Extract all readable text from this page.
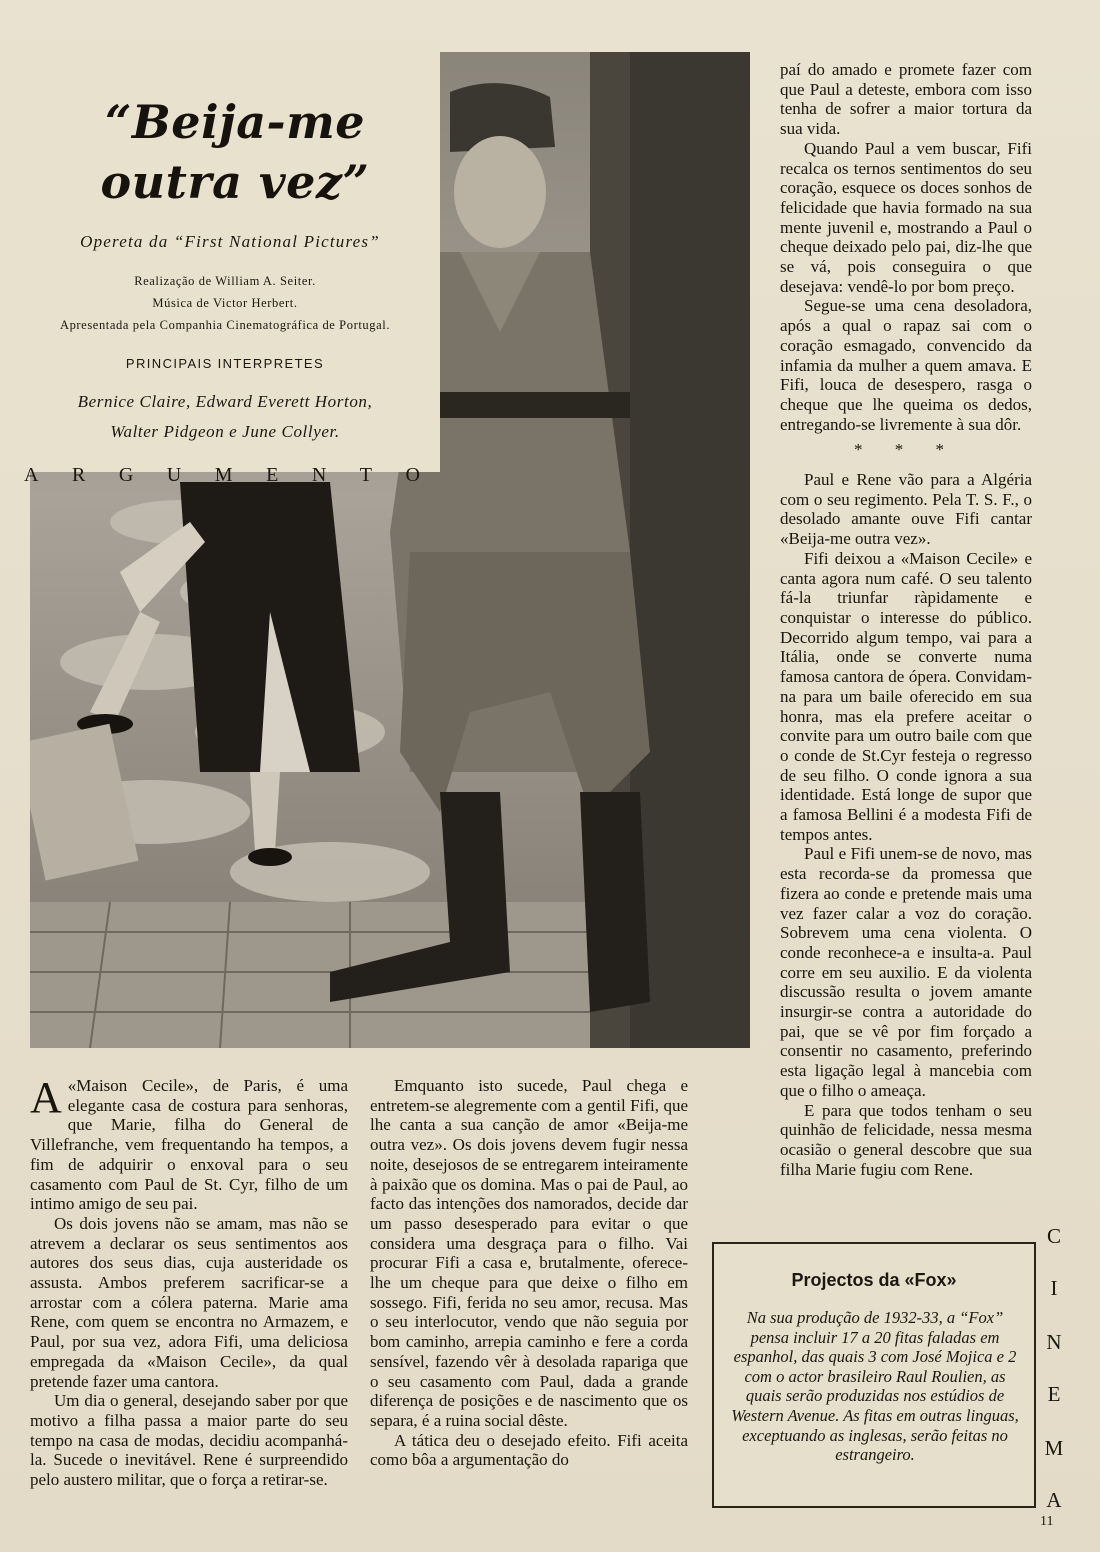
“Beija-me
outra vez”
Opereta da “First National Pictures”
Realização de William A. Seiter.
Música de Victor Herbert.
Apresentada pela Companhia Cinematográfica de Portugal.
PRINCIPAIS INTERPRETES
Bernice Claire, Edward Everett Horton,
Walter Pidgeon e June Collyer.
A R G U M E N T O

paí do amado e promete fazer com que Paul a deteste, embora com isso tenha de sofrer a maior tortura da sua vida.

Quando Paul a vem buscar, Fifi recalca os ternos sentimentos do seu coração, esquece os doces sonhos de felicidade que havia formado na sua mente juvenil e, mostrando a Paul o cheque deixado pelo pai, diz-lhe que se vá, pois conseguira o que desejava: vendê-lo por bom preço.

Segue-se uma cena desoladora, após a qual o rapaz sai com o coração esmagado, convencido da infamia da mulher a quem amava. E Fifi, louca de desespero, rasga o cheque que lhe queima os dedos, entregando-se livremente à sua dôr.

* * *

Paul e Rene vão para a Algéria com o seu regimento. Pela T. S. F., o desolado amante ouve Fifi cantar «Beija-me outra vez».

Fifi deixou a «Maison Cecile» e canta agora num café. O seu talento fá-la triunfar ràpidamente e conquistar o interesse do público. Decorrido algum tempo, vai para a Itália, onde se converte numa famosa cantora de ópera. Convidam-na para um baile oferecido em sua honra, mas ela prefere aceitar o convite para um outro baile com que o conde de St.Cyr festeja o regresso de seu filho. O conde ignora a sua identidade. Está longe de supor que a famosa Bellini é a modesta Fifi de tempos antes.

Paul e Fifi unem-se de novo, mas esta recorda-se da promessa que fizera ao conde e pretende mais uma vez fazer calar a voz do coração. Sobrevem uma cena violenta. O conde reconhece-a e insulta-a. Paul corre em seu auxilio. E da violenta discussão resulta o jovem amante insurgir-se contra a autoridade do pai, que se vê por fim forçado a consentir no casamento, preferindo esta ligação legal à mancebia com que o filho o ameaça.

E para que todos tenham o seu quinhão de felicidade, nessa mesma ocasião o general descobre que sua filha Marie fugiu com Rene.

A «Maison Cecile», de Paris, é uma elegante casa de costura para senhoras, que Marie, filha do General de Villefranche, vem frequentando ha tempos, a fim de adquirir o enxoval para o seu casamento com Paul de St. Cyr, filho de um intimo amigo de seu pai.

Os dois jovens não se amam, mas não se atrevem a declarar os seus sentimentos aos autores dos seus dias, cuja austeridade os assusta. Ambos preferem sacrificar-se a arrostar com a cólera paterna. Marie ama Rene, com quem se encontra no Armazem, e Paul, por sua vez, adora Fifi, uma deliciosa empregada da «Maison Cecile», da qual pretende fazer uma cantora.

Um dia o general, desejando saber por que motivo a filha passa a maior parte do seu tempo na casa de modas, decidiu acompanhá-la. Sucede o inevitável. Rene é surpreendido pelo austero militar, que o força a retirar-se.

Emquanto isto sucede, Paul chega e entretem-se alegremente com a gentil Fifi, que lhe canta a sua canção de amor «Beija-me outra vez». Os dois jovens devem fugir nessa noite, desejosos de se entregarem inteiramente à paixão que os domina. Mas o pai de Paul, ao facto das intenções dos namorados, decide dar um passo desesperado para evitar o que considera uma desgraça para o filho. Vai procurar Fifi a casa e, brutalmente, oferece-lhe um cheque para que deixe o filho em sossego. Fifi, ferida no seu amor, recusa. Mas o seu interlocutor, vendo que não seguia por bom caminho, arrepia caminho e fere a corda sensível, fazendo vêr à desolada rapariga que o seu casamento com Paul, dada a grande diferença de posições e de nascimento que os separa, é a ruina social dêste.

A tática deu o desejado efeito. Fifi aceita como bôa a argumentação do

Projectos da «Fox»
Na sua produção de 1932-33, a “Fox” pensa incluir 17 a 20 fitas faladas em espanhol, das quais 3 com José Mojica e 2 com o actor brasileiro Raul Roulien, as quais serão produzidas nos estúdios de Western Avenue. As fitas em outras linguas, exceptuando as inglesas, serão feitas no estrangeiro.
C
I
N
E
M
A
11
